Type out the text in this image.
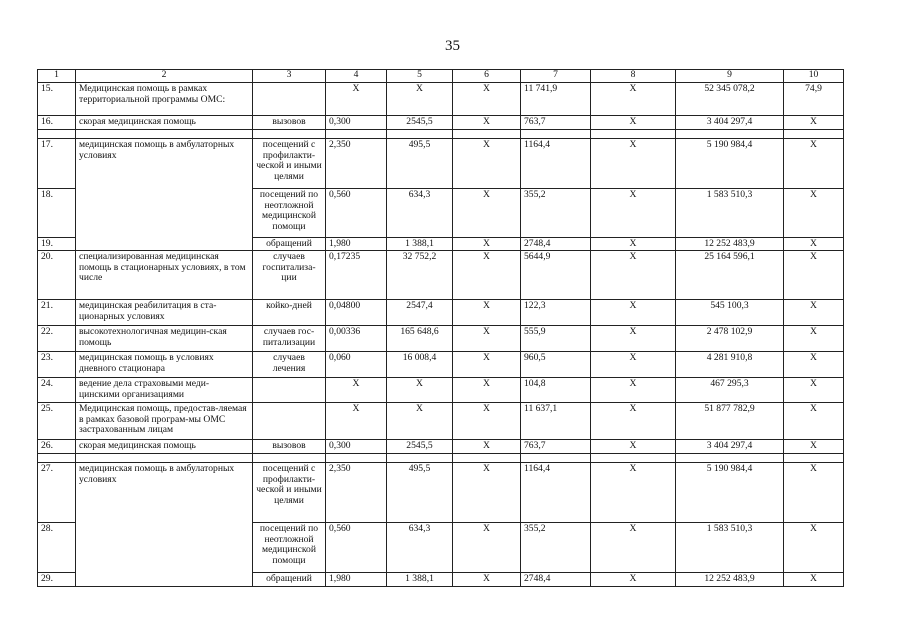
35
1	2	3	4	5	6	7	8	9	10
15.	Медицинская помощь в рамках территориальной программы ОМС:		X	X	X	11 741,9	X	52 345 078,2	74,9
16.	скорая медицинская помощь	вызовов	0,300	2545,5	X	763,7	X	3 404 297,4	X

17.	медицинская помощь в амбулаторных условиях	посещений с профилакти-ческой и иными целями	2,350	495,5	X	1164,4	X	5 190 984,4	X
18.		посещений по неотложной медицинской помощи	0,560	634,3	X	355,2	X	1 583 510,3	X
19.		обращений	1,980	1 388,1	X	2748,4	X	12 252 483,9	X
20.	специализированная медицинская помощь в стационарных условиях, в том числе	случаев госпитализа-ции	0,17235	32 752,2	X	5644,9	X	25 164 596,1	X
21.	медицинская реабилитация в ста-ционарных условиях	койко-дней	0,04800	2547,4	X	122,3	X	545 100,3	X
22.	высокотехнологичная медицин-ская помощь	случаев гос-питализации	0,00336	165 648,6	X	555,9	X	2 478 102,9	X
23.	медицинская помощь в условиях дневного стационара	случаев лечения	0,060	16 008,4	X	960,5	X	4 281 910,8	X
24.	ведение дела страховыми меди-цинскими организациями		X	X	X	104,8	X	467 295,3	X
25.	Медицинская помощь, предостав-ляемая в рамках базовой програм-мы ОМС застрахованным лицам		X	X	X	11 637,1	X	51 877 782,9	X
26.	скорая медицинская помощь	вызовов	0,300	2545,5	X	763,7	X	3 404 297,4	X

27.	медицинская помощь в амбулаторных условиях	посещений с профилакти-ческой и иными целями	2,350	495,5	X	1164,4	X	5 190 984,4	X
28.		посещений по неотложной медицинской помощи	0,560	634,3	X	355,2	X	1 583 510,3	X
29.		обращений	1,980	1 388,1	X	2748,4	X	12 252 483,9	X
